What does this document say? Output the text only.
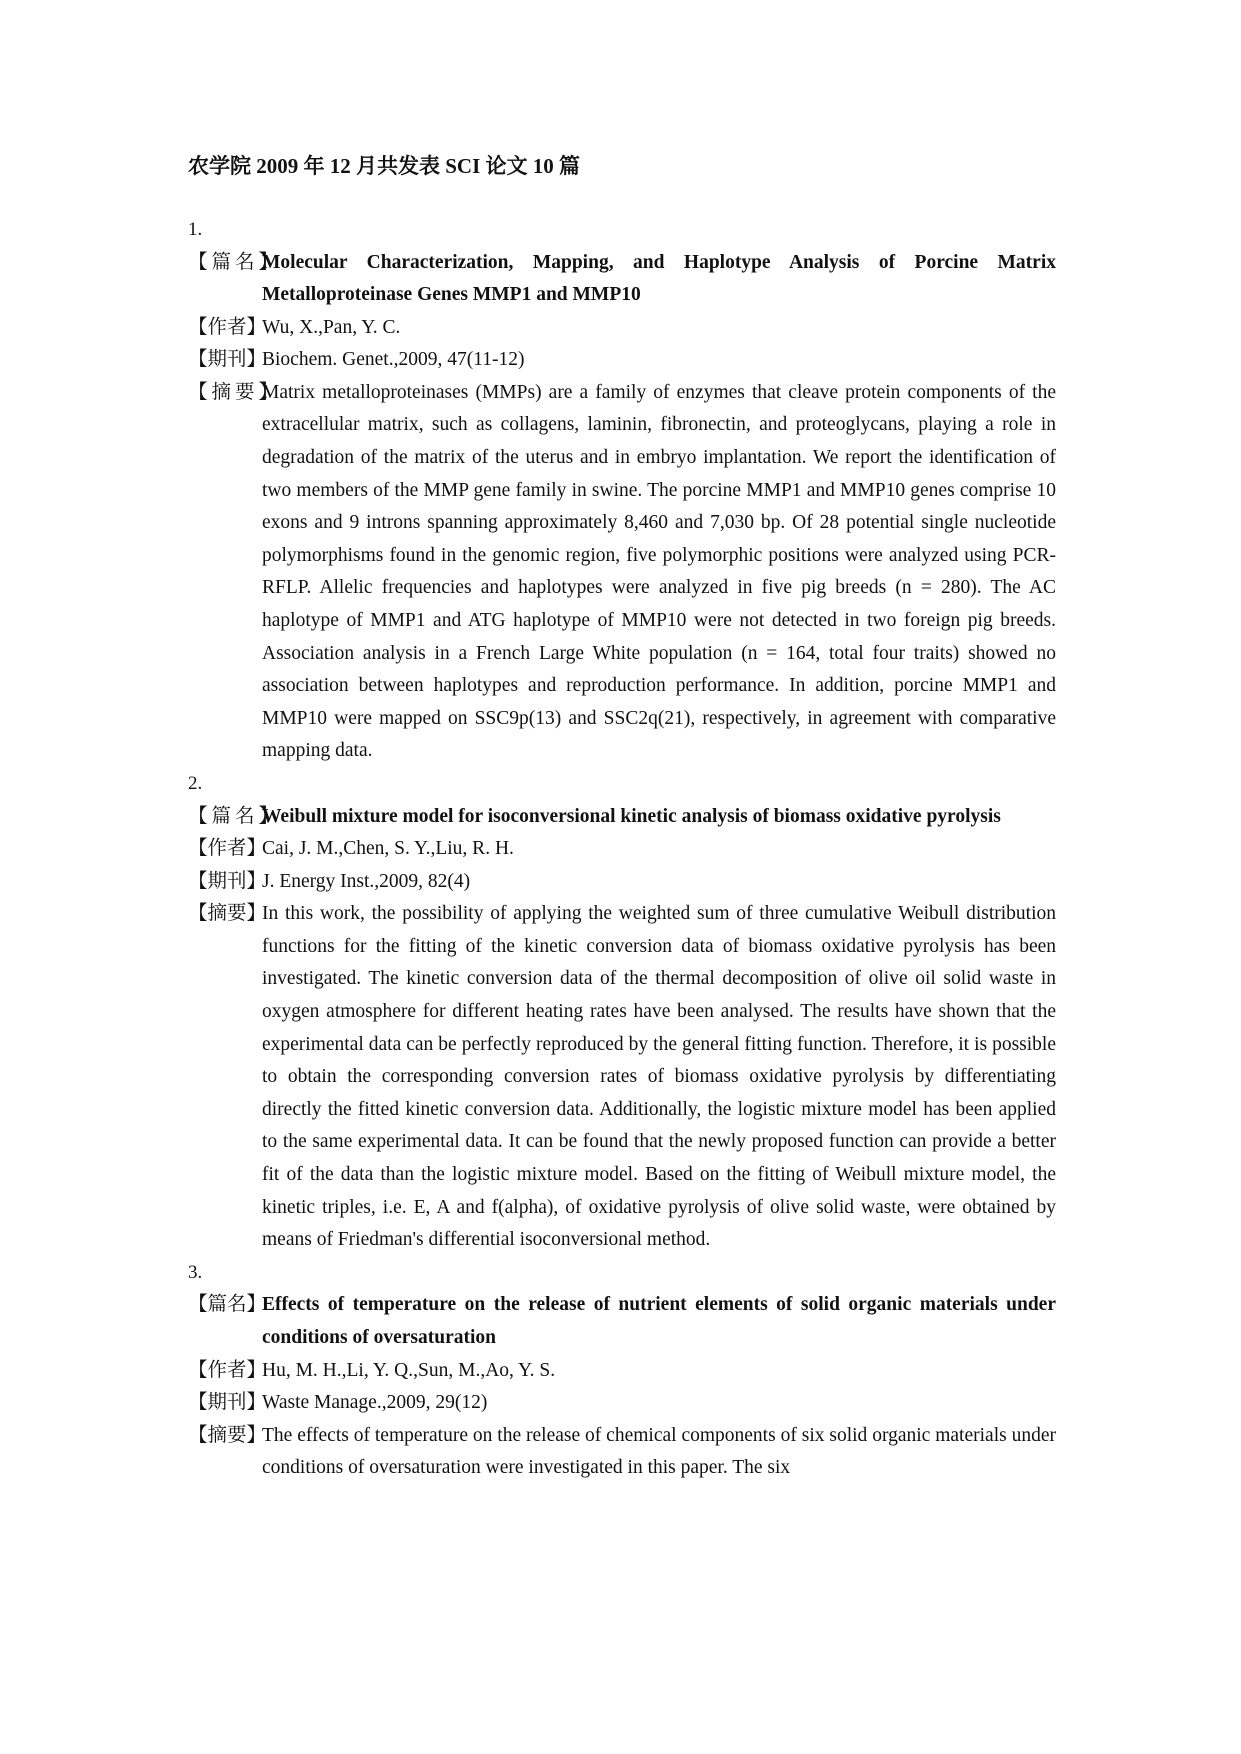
农学院 2009 年 12 月共发表 SCI 论文 10 篇
1.
【篇名】
Molecular Characterization, Mapping, and Haplotype Analysis of Porcine Matrix Metalloproteinase Genes MMP1 and MMP10
【作者】
Wu, X.,Pan, Y. C.
【期刊】
Biochem. Genet.,2009, 47(11-12)
【摘要】
Matrix metalloproteinases (MMPs) are a family of enzymes that cleave protein components of the extracellular matrix, such as collagens, laminin, fibronectin, and proteoglycans, playing a role in degradation of the matrix of the uterus and in embryo implantation. We report the identification of two members of the MMP gene family in swine. The porcine MMP1 and MMP10 genes comprise 10 exons and 9 introns spanning approximately 8,460 and 7,030 bp. Of 28 potential single nucleotide polymorphisms found in the genomic region, five polymorphic positions were analyzed using PCR-RFLP. Allelic frequencies and haplotypes were analyzed in five pig breeds (n = 280). The AC haplotype of MMP1 and ATG haplotype of MMP10 were not detected in two foreign pig breeds. Association analysis in a French Large White population (n = 164, total four traits) showed no association between haplotypes and reproduction performance. In addition, porcine MMP1 and MMP10 were mapped on SSC9p(13) and SSC2q(21), respectively, in agreement with comparative mapping data.
2.
【篇名】
Weibull mixture model for isoconversional kinetic analysis of biomass oxidative pyrolysis
【作者】
Cai, J. M.,Chen, S. Y.,Liu, R. H.
【期刊】
J. Energy Inst.,2009, 82(4)
【摘要】
In this work, the possibility of applying the weighted sum of three cumulative Weibull distribution functions for the fitting of the kinetic conversion data of biomass oxidative pyrolysis has been investigated. The kinetic conversion data of the thermal decomposition of olive oil solid waste in oxygen atmosphere for different heating rates have been analysed. The results have shown that the experimental data can be perfectly reproduced by the general fitting function. Therefore, it is possible to obtain the corresponding conversion rates of biomass oxidative pyrolysis by differentiating directly the fitted kinetic conversion data. Additionally, the logistic mixture model has been applied to the same experimental data. It can be found that the newly proposed function can provide a better fit of the data than the logistic mixture model. Based on the fitting of Weibull mixture model, the kinetic triples, i.e. E, A and f(alpha), of oxidative pyrolysis of olive solid waste, were obtained by means of Friedman's differential isoconversional method.
3.
【篇名】
Effects of temperature on the release of nutrient elements of solid organic materials under conditions of oversaturation
【作者】
Hu, M. H.,Li, Y. Q.,Sun, M.,Ao, Y. S.
【期刊】
Waste Manage.,2009, 29(12)
【摘要】
The effects of temperature on the release of chemical components of six solid organic materials under conditions of oversaturation were investigated in this paper. The six
